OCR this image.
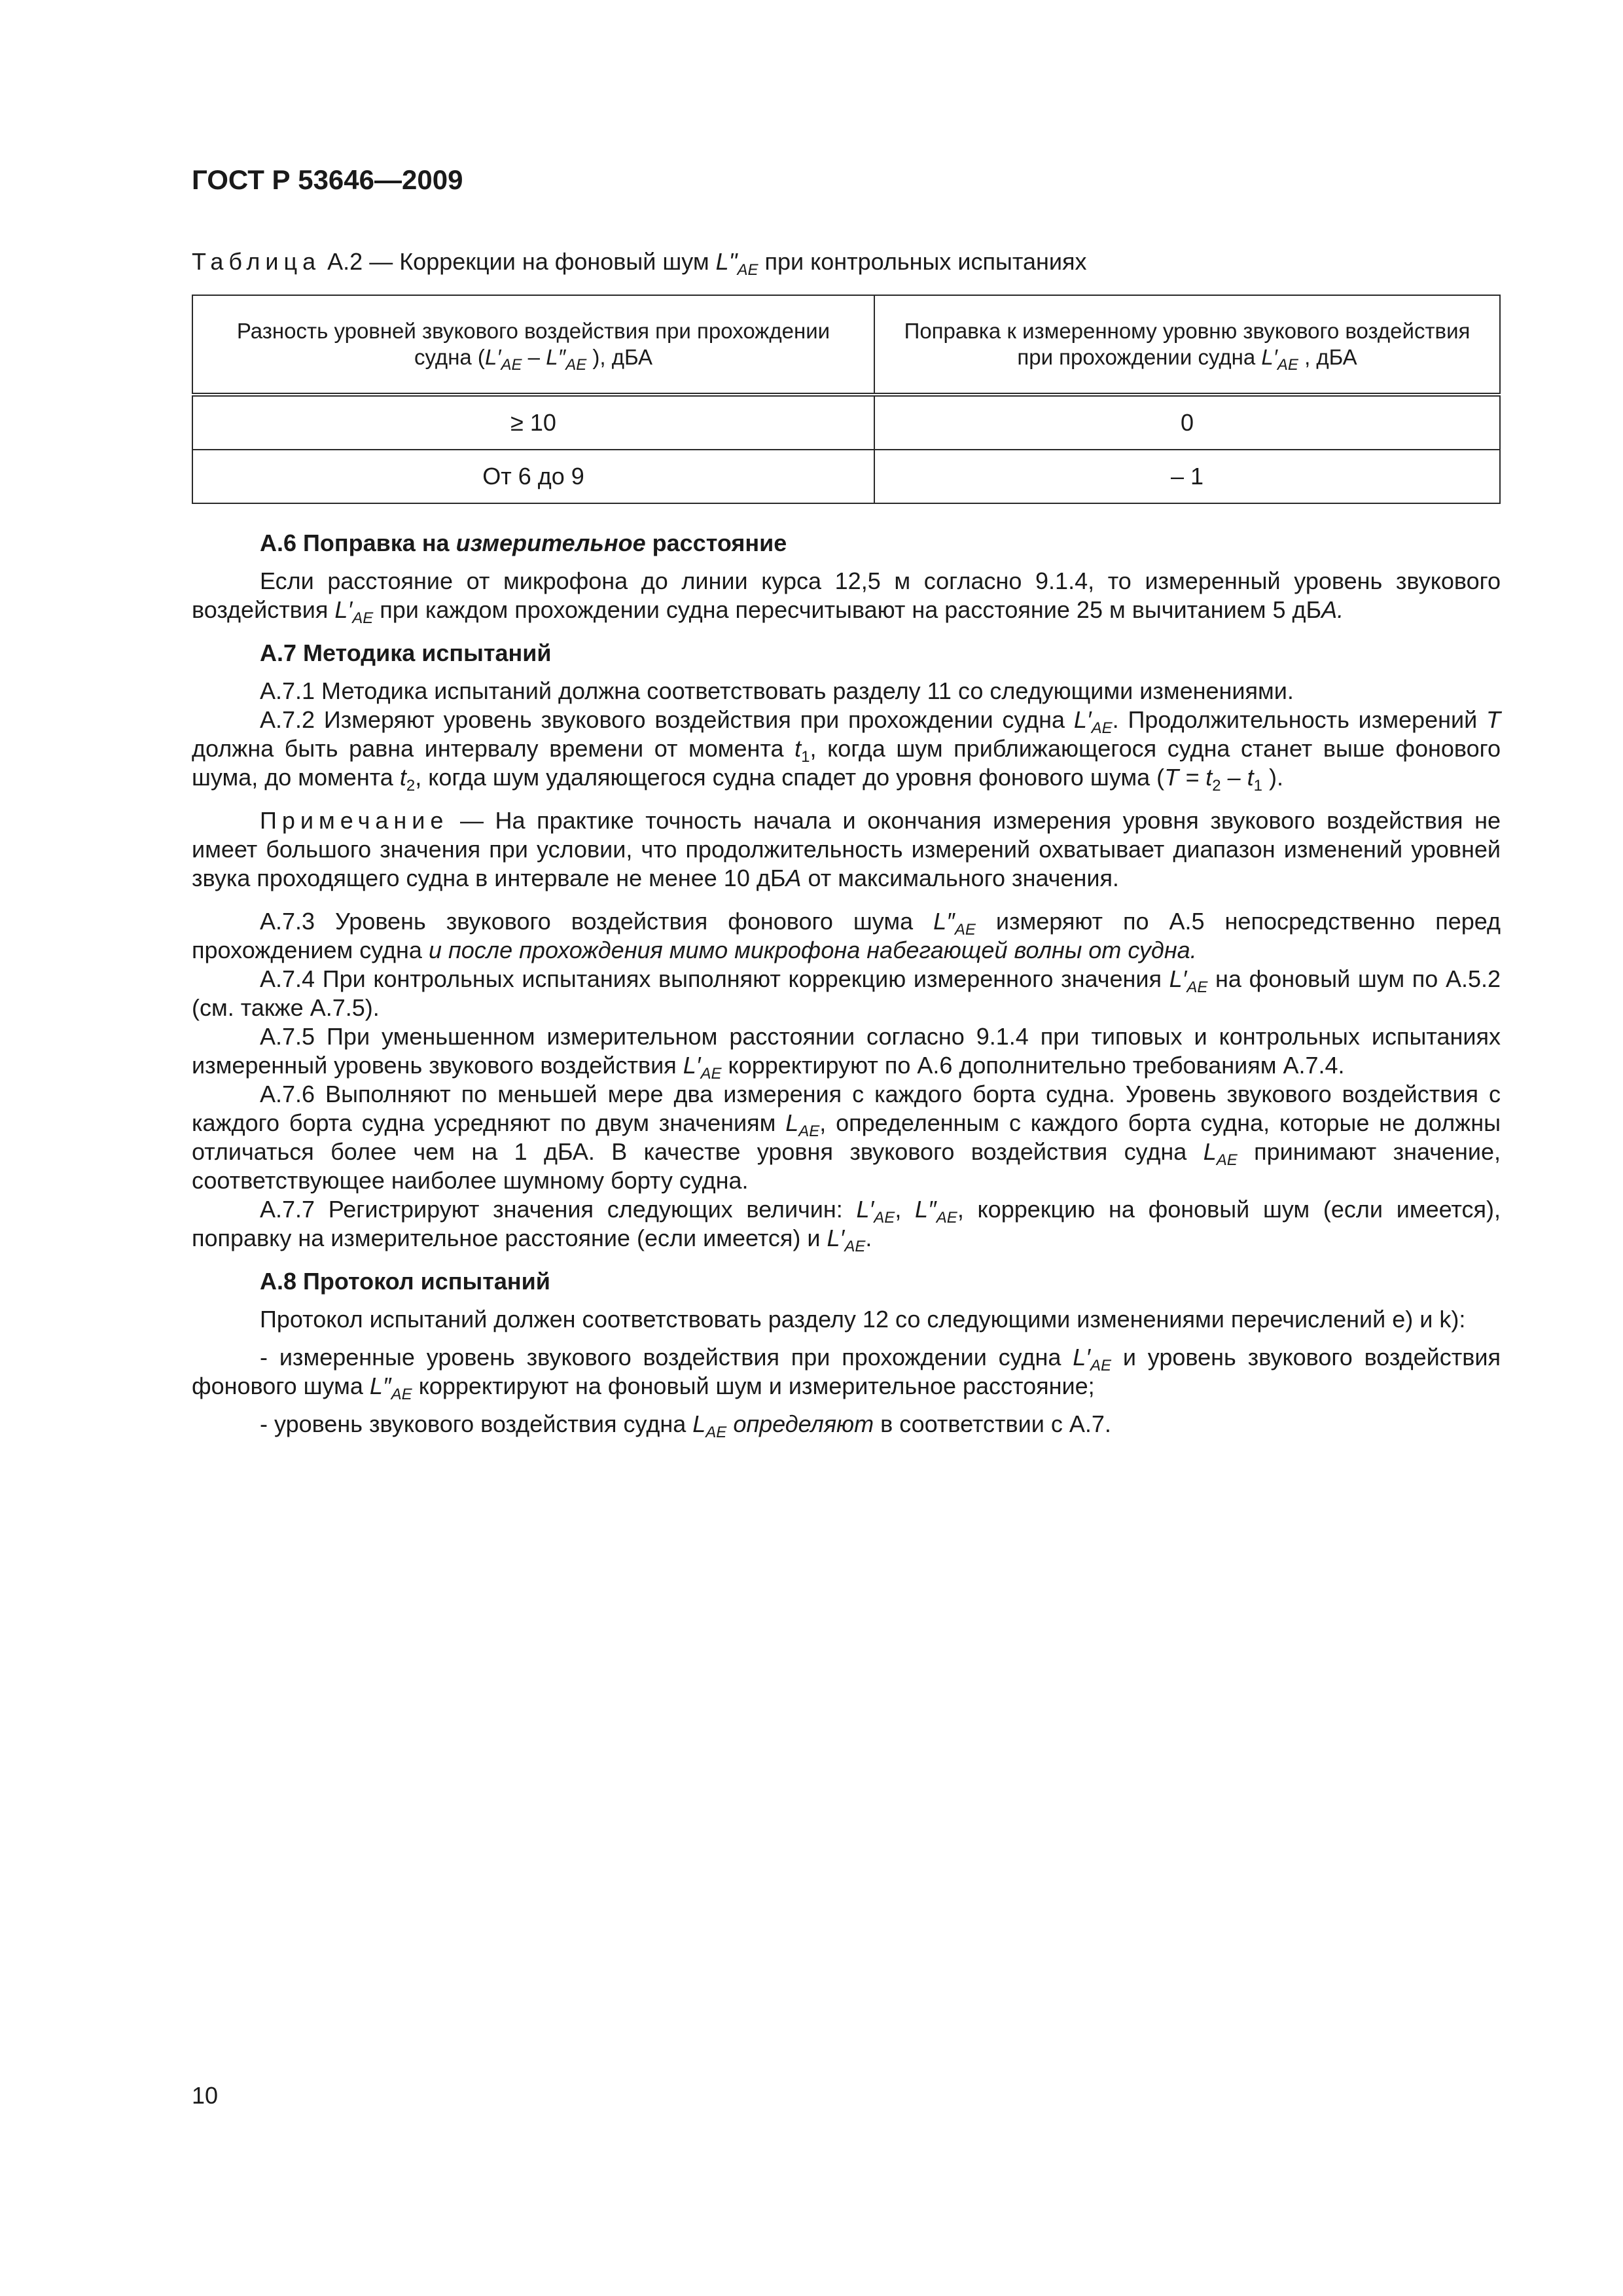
ГОСТ Р 53646—2009
Таблица А.2 — Коррекции на фоновый шум $L"_{AE}$ при контрольных испытаниях
Разность уровней звукового воздействия при прохождении судна ($L'_{AE} - L''_{AE}$ ), дБА	Поправка к измеренному уровню звукового воздействия при прохождении судна $L'_{AE}$ , дБА
≥ 10	0
От 6 до 9	– 1
А.6 Поправка на измерительное расстояние

Если расстояние от микрофона до линии курса 12,5 м согласно 9.1.4, то измеренный уровень звукового воздействия $L'_{AE}$ при каждом прохождении судна пересчитывают на расстояние 25 м вычитанием 5 дБА.

А.7 Методика испытаний

А.7.1 Методика испытаний должна соответствовать разделу 11 со следующими изменениями.

А.7.2 Измеряют уровень звукового воздействия при прохождении судна $L'_{AE}$. Продолжительность измерений T должна быть равна интервалу времени от момента $t_1$, когда шум приближающегося судна станет выше фонового шума, до момента $t_2$, когда шум удаляющегося судна спадет до уровня фонового шума ($T = t_2 - t_1$ ).

Примечание — На практике точность начала и окончания измерения уровня звукового воздействия не имеет большого значения при условии, что продолжительность измерений охватывает диапазон изменений уровней звука проходящего судна в интервале не менее 10 дБА от максимального значения.

А.7.3 Уровень звукового воздействия фонового шума $L''_{AE}$ измеряют по А.5 непосредственно перед прохождением судна и после прохождения мимо микрофона набегающей волны от судна.

А.7.4 При контрольных испытаниях выполняют коррекцию измеренного значения $L'_{AE}$ на фоновый шум по А.5.2 (см. также А.7.5).

А.7.5 При уменьшенном измерительном расстоянии согласно 9.1.4 при типовых и контрольных испытаниях измеренный уровень звукового воздействия $L'_{AE}$ корректируют по А.6 дополнительно требованиям А.7.4.

А.7.6 Выполняют по меньшей мере два измерения с каждого борта судна. Уровень звукового воздействия с каждого борта судна усредняют по двум значениям $L_{AE}$, определенным с каждого борта судна, которые не должны отличаться более чем на 1 дБА. В качестве уровня звукового воздействия судна $L_{AE}$ принимают значение, соответствующее наиболее шумному борту судна.

А.7.7 Регистрируют значения следующих величин: $L'_{AE}$, $L''_{AE}$, коррекцию на фоновый шум (если имеется), поправку на измерительное расстояние (если имеется) и $L'_{AE}$.

А.8 Протокол испытаний

Протокол испытаний должен соответствовать разделу 12 со следующими изменениями перечислений е) и k):

- измеренные уровень звукового воздействия при прохождении судна $L'_{AE}$ и уровень звукового воздействия фонового шума $L''_{AE}$ корректируют на фоновый шум и измерительное расстояние;

- уровень звукового воздействия судна $L_{AE}$ определяют в соответствии с А.7.

10
